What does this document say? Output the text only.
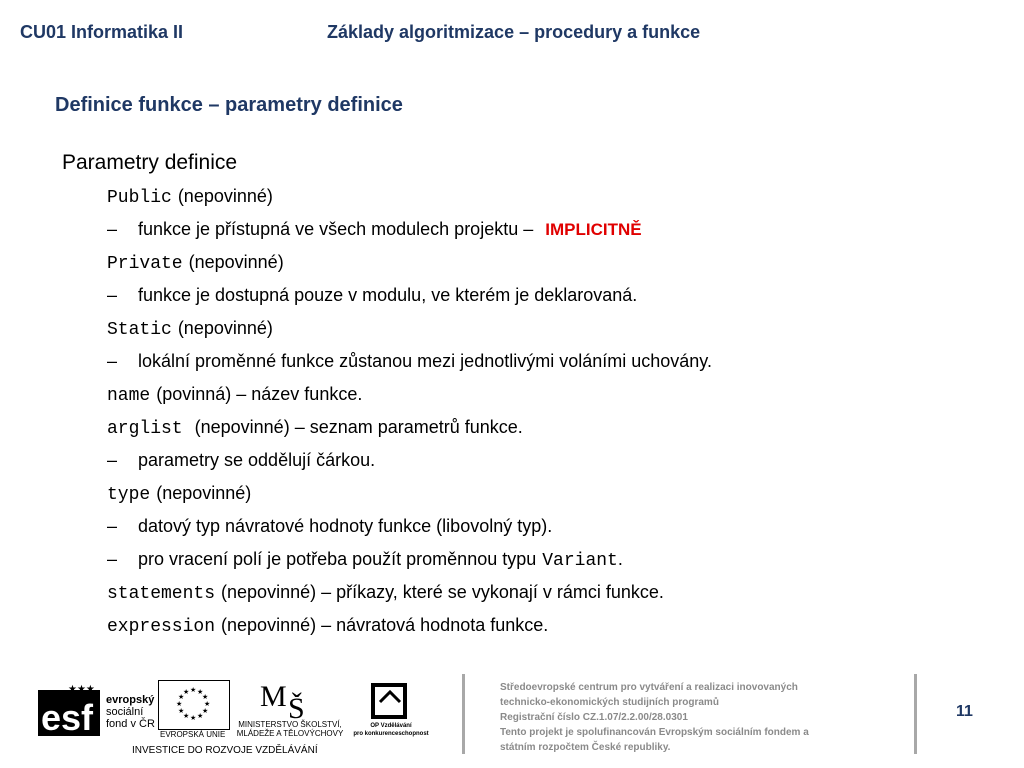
CU01 Informatika II	Základy algoritmizace – procedury a funkce
Definice funkce – parametry definice
Parametry definice
Public (nepovinné)
– funkce je přístupná ve všech modulech projektu – IMPLICITNĚ
Private (nepovinné)
– funkce je dostupná pouze v modulu, ve kterém je deklarovaná.
Static (nepovinné)
– lokální proměnné funkce zůstanou mezi jednotlivými voláními uchovány.
name (povinná) – název funkce.
arglist (nepovinné) – seznam parametrů funkce.
– parametry se oddělují čárkou.
type (nepovinné)
– datový typ návratové hodnoty funkce (libovolný typ).
– pro vracení polí je potřeba použít proměnnou typu Variant.
statements (nepovinné) – příkazy, které se vykonají v rámci funkce.
expression (nepovinné) – návratová hodnota funkce.
esf
★★★
evropský
sociální
fond v ČR
★ ★
★
★
★
★
★
★
★
★
★
★
EVROPSKÁ UNIE
M Š
MINISTERSTVO ŠKOLSTVÍ,
MLÁDEŽE A TĚLOVÝCHOVY
OP Vzdělávání
pro konkurenceschopnost
INVESTICE DO ROZVOJE VZDĚLÁVÁNÍ
Středoevropské centrum pro vytváření a realizaci inovovaných
technicko-ekonomických studijních programů
Registrační číslo CZ.1.07/2.2.00/28.0301
Tento projekt je spolufinancován Evropským sociálním fondem a
státním rozpočtem České republiky.
11
